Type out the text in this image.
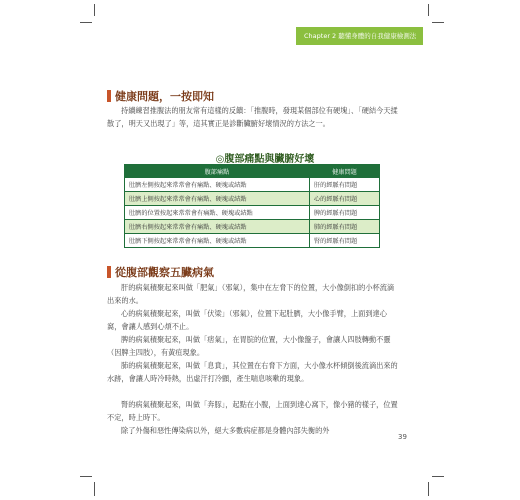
Chapter 2 聽懂身體的自我健康檢測法
健康問題，一按即知
持續練習推腹法的朋友常有這樣的反饋：「推腹時，發現某個部位有硬塊」、「硬結今天揉散了，明天又出現了」等，這其實正是診斷臟腑好壞情況的方法之一。
◎腹部痛點與臟腑好壞
腹部痛點	健康問題
肚臍左側按起來常常會有痛點、硬塊或結點	肝的經脈有問題
肚臍上側按起來常常會有痛點、硬塊或結點	心的經脈有問題
肚臍的位置按起來常常會有痛點、硬塊或結點	脾的經脈有問題
肚臍右側按起來常常會有痛點、硬塊或結點	肺的經脈有問題
肚臍下側按起來常常會有痛點、硬塊或結點	腎的經脈有問題
從腹部觀察五臟病氣
肝的病氣積聚起來叫做「肥氣」（邪氣），集中在左脅下的位置，大小像倒扣的小杯流滴出來的水。
心的病氣積聚起來，叫做「伏梁」（邪氣），位置下起肚臍，大小像手臂，上面到達心窩，會讓人感到心煩不止。
脾的病氣積聚起來，叫做「痞氣」，在胃脘的位置，大小像盤子，會讓人四肢轉動不靈（因脾主四肢），有黃疸現象。
肺的病氣積聚起來，叫做「息賁」，其位置在右脅下方面，大小像水杯傾倒後流滴出來的水跡，會讓人時冷時熱，出虛汗打冷顫，產生喘息咳嗽的現象。
腎的病氣積聚起來，叫做「奔豚」，起點在小腹，上面到達心窩下，像小豬的樣子，位置不定，時上時下。
除了外傷和惡性傳染病以外，絕大多數病症都是身體內部失衡的外
39
